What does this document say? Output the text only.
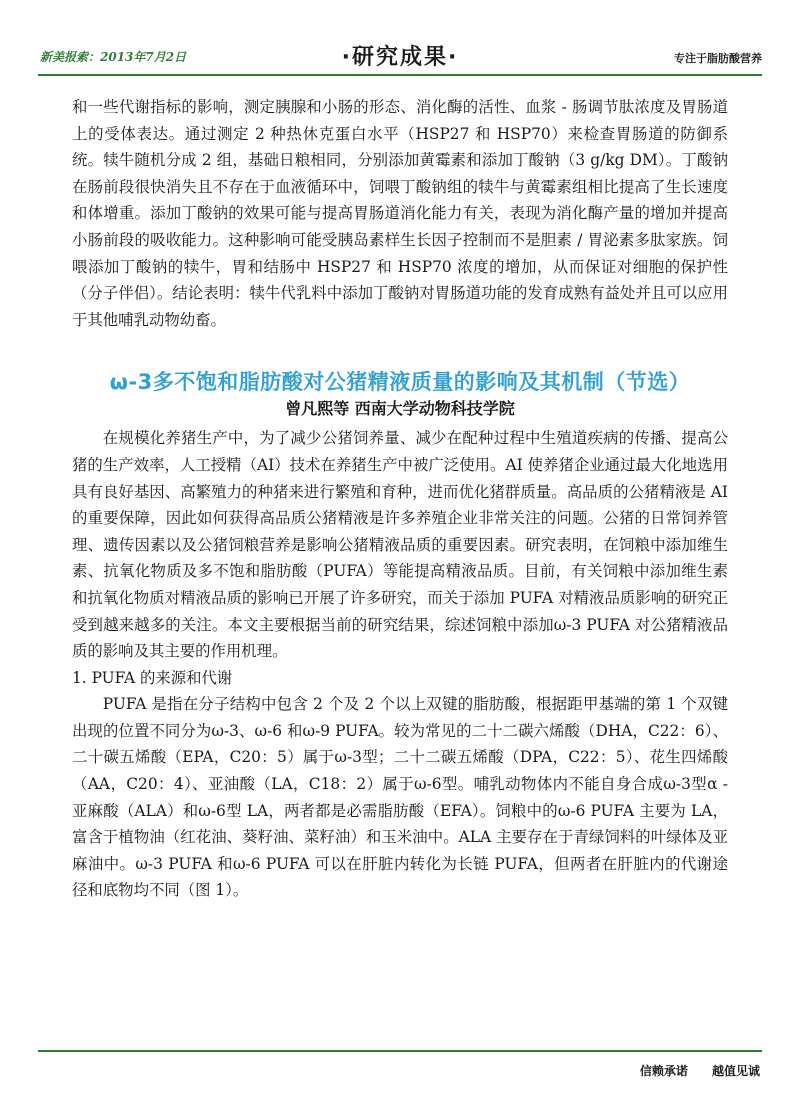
新美报索：2013年7月2日	·研究成果·	专注于脂肪酸营养

和一些代谢指标的影响，测定胰腺和小肠的形态、消化酶的活性、血浆 - 肠调节肽浓度及胃肠道上的受体表达。通过测定 2 种热休克蛋白水平（HSP27 和 HSP70）来检查胃肠道的防御系统。犊牛随机分成 2 组，基础日粮相同，分别添加黄霉素和添加丁酸钠（3 g/kg DM）。丁酸钠在肠前段很快消失且不存在于血液循环中，饲喂丁酸钠组的犊牛与黄霉素组相比提高了生长速度和体增重。添加丁酸钠的效果可能与提高胃肠道消化能力有关，表现为消化酶产量的增加并提高小肠前段的吸收能力。这种影响可能受胰岛素样生长因子控制而不是胆素 / 胃泌素多肽家族。饲喂添加丁酸钠的犊牛，胃和结肠中 HSP27 和 HSP70 浓度的增加，从而保证对细胞的保护性（分子伴侣）。结论表明：犊牛代乳料中添加丁酸钠对胃肠道功能的发育成熟有益处并且可以应用于其他哺乳动物幼畜。

ω-3多不饱和脂肪酸对公猪精液质量的影响及其机制（节选）
曾凡熙等 西南大学动物科技学院

在规模化养猪生产中，为了减少公猪饲养量、减少在配种过程中生殖道疾病的传播、提高公猪的生产效率，人工授精（AI）技术在养猪生产中被广泛使用。AI 使养猪企业通过最大化地选用具有良好基因、高繁殖力的种猪来进行繁殖和育种，进而优化猪群质量。高品质的公猪精液是 AI 的重要保障，因此如何获得高品质公猪精液是许多养殖企业非常关注的问题。公猪的日常饲养管理、遗传因素以及公猪饲粮营养是影响公猪精液品质的重要因素。研究表明，在饲粮中添加维生素、抗氧化物质及多不饱和脂肪酸（PUFA）等能提高精液品质。目前，有关饲粮中添加维生素和抗氧化物质对精液品质的影响已开展了许多研究，而关于添加 PUFA 对精液品质影响的研究正受到越来越多的关注。本文主要根据当前的研究结果，综述饲粮中添加ω-3 PUFA 对公猪精液品质的影响及其主要的作用机理。

1. PUFA 的来源和代谢

PUFA 是指在分子结构中包含 2 个及 2 个以上双键的脂肪酸，根据距甲基端的第 1 个双键出现的位置不同分为ω-3、ω-6 和ω-9 PUFA。较为常见的二十二碳六烯酸（DHA，C22：6）、二十碳五烯酸（EPA，C20：5）属于ω-3型；二十二碳五烯酸（DPA，C22：5）、花生四烯酸（AA，C20：4）、亚油酸（LA，C18：2）属于ω-6型。哺乳动物体内不能自身合成ω-3型α - 亚麻酸（ALA）和ω-6型 LA，两者都是必需脂肪酸（EFA）。饲粮中的ω-6 PUFA 主要为 LA，富含于植物油（红花油、葵籽油、菜籽油）和玉米油中。ALA 主要存在于青绿饲料的叶绿体及亚麻油中。ω-3 PUFA 和ω-6 PUFA 可以在肝脏内转化为长链 PUFA，但两者在肝脏内的代谢途径和底物均不同（图 1）。

信赖承诺 越值见诚
